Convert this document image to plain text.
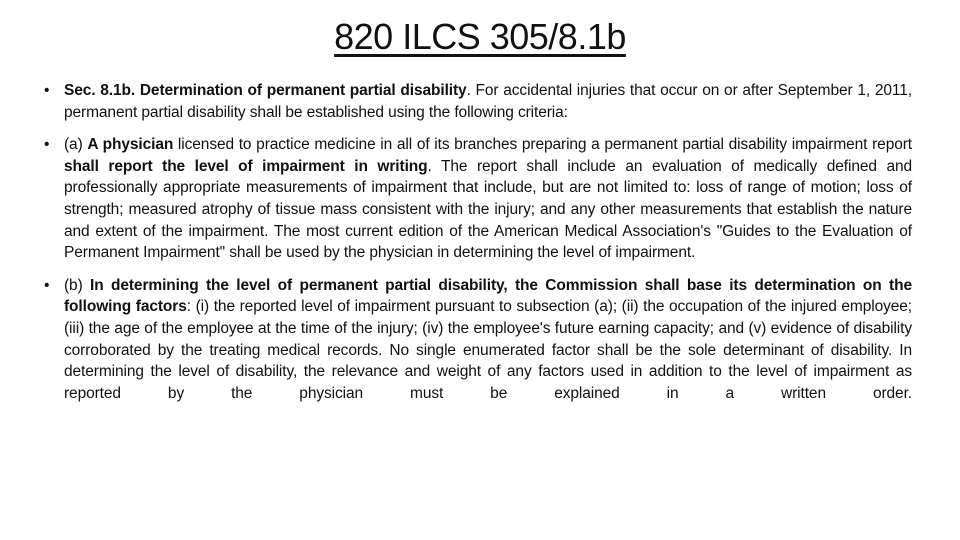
820 ILCS 305/8.1b
• Sec. 8.1b. Determination of permanent partial disability. For accidental injuries that occur on or after September 1, 2011, permanent partial disability shall be established using the following criteria:
• (a) A physician licensed to practice medicine in all of its branches preparing a permanent partial disability impairment report shall report the level of impairment in writing. The report shall include an evaluation of medically defined and professionally appropriate measurements of impairment that include, but are not limited to: loss of range of motion; loss of strength; measured atrophy of tissue mass consistent with the injury; and any other measurements that establish the nature and extent of the impairment. The most current edition of the American Medical Association's "Guides to the Evaluation of Permanent Impairment" shall be used by the physician in determining the level of impairment.
• (b) In determining the level of permanent partial disability, the Commission shall base its determination on the following factors: (i) the reported level of impairment pursuant to subsection (a); (ii) the occupation of the injured employee; (iii) the age of the employee at the time of the injury; (iv) the employee's future earning capacity; and (v) evidence of disability corroborated by the treating medical records. No single enumerated factor shall be the sole determinant of disability. In determining the level of disability, the relevance and weight of any factors used in addition to the level of impairment as reported by the physician must be explained in a written order.
